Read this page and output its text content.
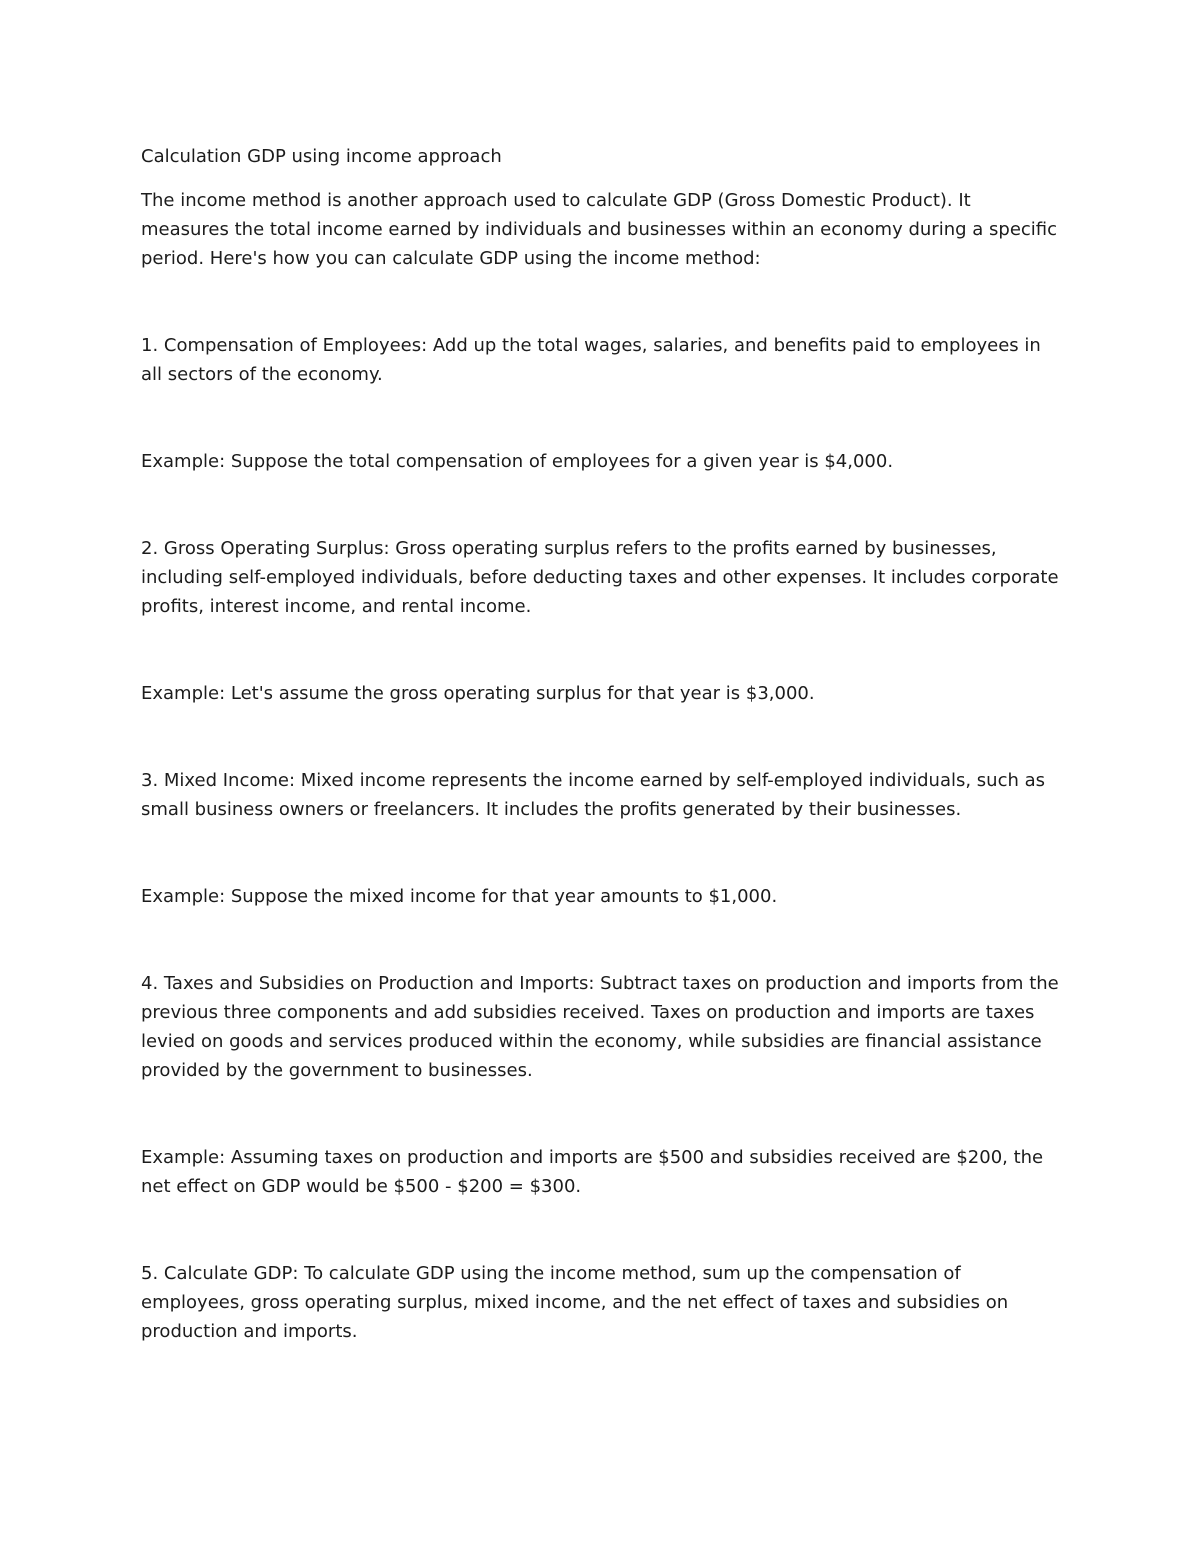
Calculation GDP using income approach

The income method is another approach used to calculate GDP (Gross Domestic Product). It measures the total income earned by individuals and businesses within an economy during a specific period. Here's how you can calculate GDP using the income method:

1. Compensation of Employees: Add up the total wages, salaries, and benefits paid to employees in all sectors of the economy.

Example: Suppose the total compensation of employees for a given year is $4,000.

2. Gross Operating Surplus: Gross operating surplus refers to the profits earned by businesses, including self-employed individuals, before deducting taxes and other expenses. It includes corporate profits, interest income, and rental income.

Example: Let's assume the gross operating surplus for that year is $3,000.

3. Mixed Income: Mixed income represents the income earned by self-employed individuals, such as small business owners or freelancers. It includes the profits generated by their businesses.

Example: Suppose the mixed income for that year amounts to $1,000.

4. Taxes and Subsidies on Production and Imports: Subtract taxes on production and imports from the previous three components and add subsidies received. Taxes on production and imports are taxes levied on goods and services produced within the economy, while subsidies are financial assistance provided by the government to businesses.

Example: Assuming taxes on production and imports are $500 and subsidies received are $200, the net effect on GDP would be $500 - $200 = $300.

5. Calculate GDP: To calculate GDP using the income method, sum up the compensation of employees, gross operating surplus, mixed income, and the net effect of taxes and subsidies on production and imports.
